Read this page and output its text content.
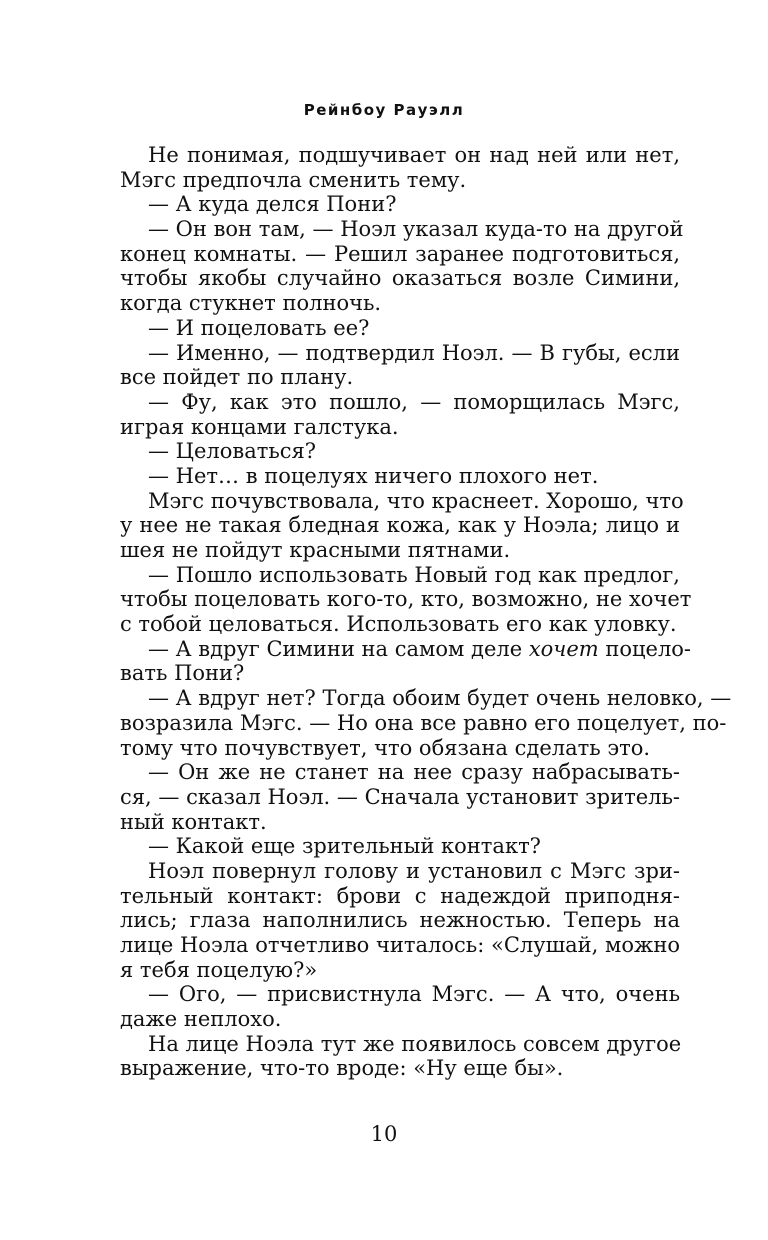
Рейнбоу Рауэлл
Не понимая, подшучивает он над ней или нет,
Мэгс предпочла сменить тему.
— А куда делся Пони?
— Он вон там, — Ноэл указал куда-то на другой
конец комнаты. — Решил заранее подготовиться,
чтобы якобы случайно оказаться возле Симини,
когда стукнет полночь.
— И поцеловать ее?
— Именно, — подтвердил Ноэл. — В губы, если
все пойдет по плану.
— Фу, как это пошло, — поморщилась Мэгс,
играя концами галстука.
— Целоваться?
— Нет… в поцелуях ничего плохого нет.
Мэгс почувствовала, что краснеет. Хорошо, что
у нее не такая бледная кожа, как у Ноэла; лицо и
шея не пойдут красными пятнами.
— Пошло использовать Новый год как предлог,
чтобы поцеловать кого-то, кто, возможно, не хочет
с тобой целоваться. Использовать его как уловку.
— А вдруг Симини на самом деле хочет поцело-
вать Пони?
— А вдруг нет? Тогда обоим будет очень неловко, —
возразила Мэгс. — Но она все равно его поцелует, по-
тому что почувствует, что обязана сделать это.
— Он же не станет на нее сразу набрасывать-
ся, — сказал Ноэл. — Сначала установит зритель-
ный контакт.
— Какой еще зрительный контакт?
Ноэл повернул голову и установил с Мэгс зри-
тельный контакт: брови с надеждой приподня-
лись; глаза наполнились нежностью. Теперь на
лице Ноэла отчетливо читалось: «Слушай, можно
я тебя поцелую?»
— Ого, — присвистнула Мэгс. — А что, очень
даже неплохо.
На лице Ноэла тут же появилось совсем другое
выражение, что-то вроде: «Ну еще бы».
10
